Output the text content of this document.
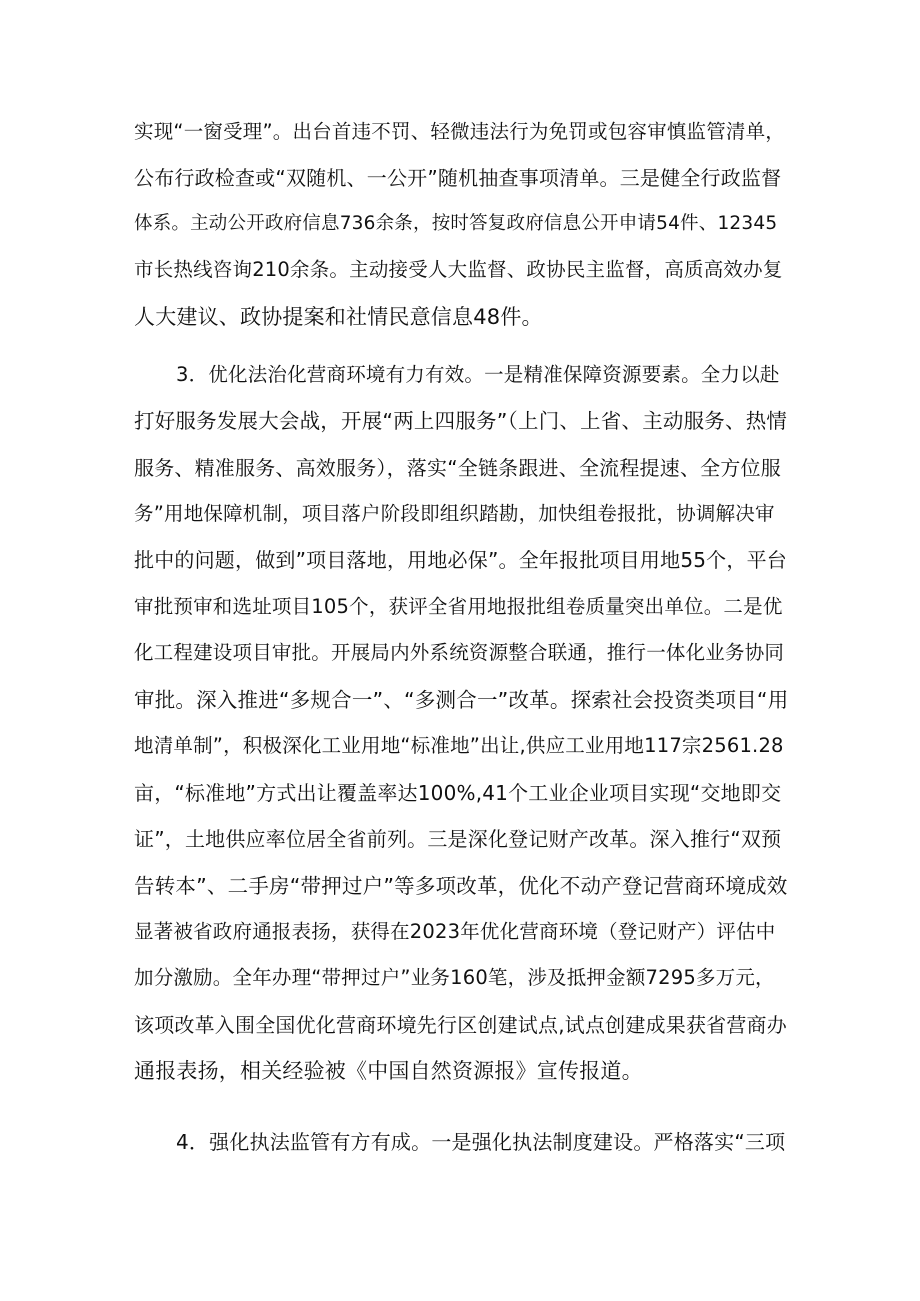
实现“一窗受理”。出台首违不罚、轻微违法行为免罚或包容审慎监管清单，
公布行政检查或“双随机、一公开”随机抽查事项清单。三是健全行政监督
体系。主动公开政府信息736余条，按时答复政府信息公开申请54件、12345
市长热线咨询210余条。主动接受人大监督、政协民主监督，高质高效办复
人大建议、政协提案和社情民意信息48件。
3．优化法治化营商环境有力有效。一是精准保障资源要素。全力以赴
打好服务发展大会战，开展“两上四服务”（上门、上省、主动服务、热情
服务、精准服务、高效服务），落实“全链条跟进、全流程提速、全方位服
务”用地保障机制，项目落户阶段即组织踏勘，加快组卷报批，协调解决审
批中的问题，做到”项目落地，用地必保”。全年报批项目用地55个，平台
审批预审和选址项目105个，获评全省用地报批组卷质量突出单位。二是优
化工程建设项目审批。开展局内外系统资源整合联通，推行一体化业务协同
审批。深入推进“多规合一”、“多测合一”改革。探索社会投资类项目“用
地清单制”，积极深化工业用地“标准地”出让,供应工业用地117宗2561.28
亩，“标准地”方式出让覆盖率达100%,41个工业企业项目实现“交地即交
证”，土地供应率位居全省前列。三是深化登记财产改革。深入推行“双预
告转本”、二手房“带押过户”等多项改革，优化不动产登记营商环境成效
显著被省政府通报表扬，获得在2023年优化营商环境（登记财产）评估中
加分激励。全年办理“带押过户”业务160笔，涉及抵押金额7295多万元，
该项改革入围全国优化营商环境先行区创建试点,试点创建成果获省营商办
通报表扬，相关经验被《中国自然资源报》宣传报道。
4．强化执法监管有方有成。一是强化执法制度建设。严格落实“三项
